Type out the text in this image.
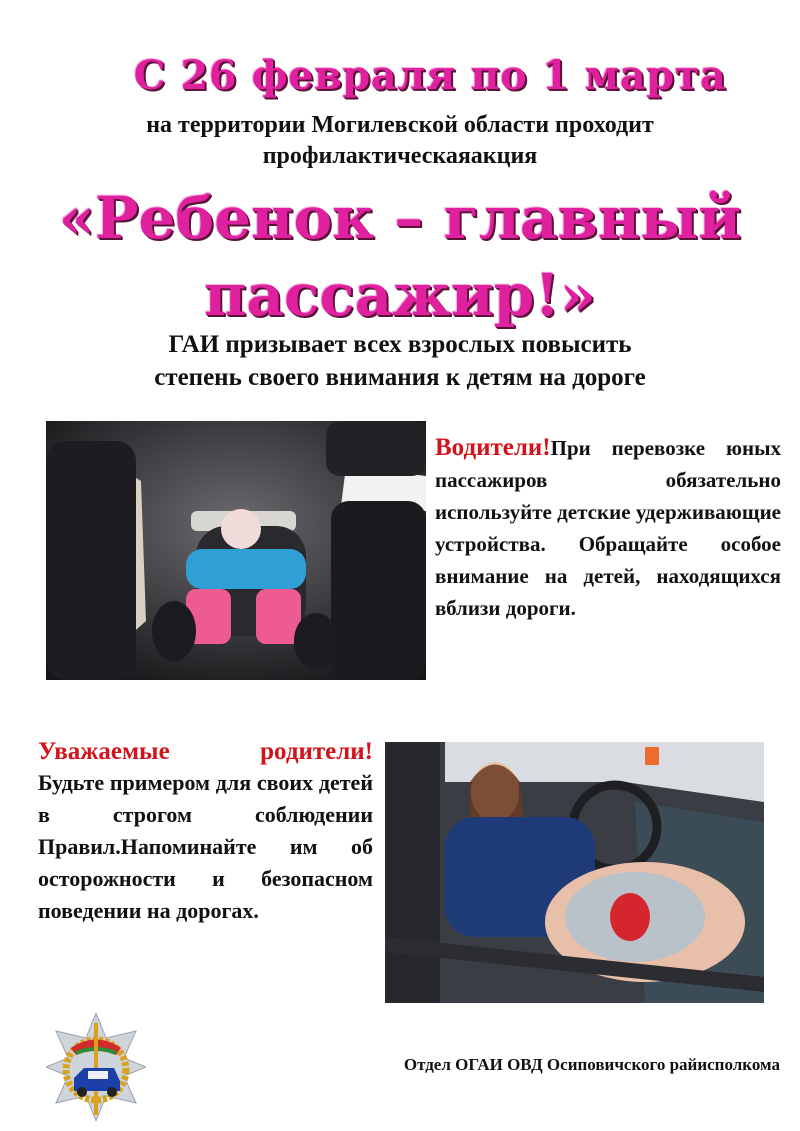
С 26 февраля по 1 марта
на территории Могилевской области проходит
профилактическаяакция
«Ребенок – главный
пассажир!»
ГАИ призывает всех взрослых повысить
степень своего внимания к детям на дороге
Водители!При перевозке юных пассажиров обязательно используйте детские удерживающие устройства. Обращайте особое внимание на детей, находящихся вблизи дороги.
Уважаемые родители!
Будьте примером для своих детей в строгом соблюдении Правил.Напоминайте им об осторожности и безопасном поведении на дорогах.
Отдел ОГАИ ОВД Осиповичского райисполкома
